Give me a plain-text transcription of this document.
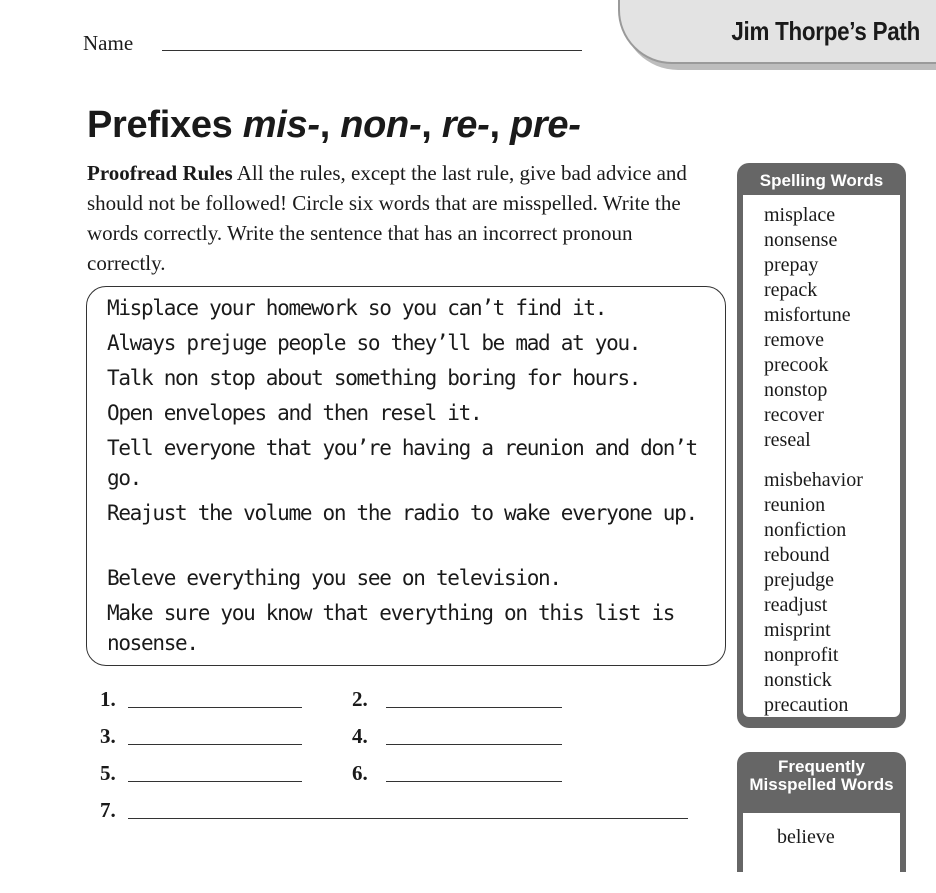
Jim Thorpe’s Path
Name
Prefixes mis-, non-, re-, pre-
Proofread Rules All the rules, except the last rule, give bad advice and should not be followed! Circle six words that are misspelled. Write the words correctly. Write the sentence that has an incorrect pronoun correctly.
Misplace your homework so you can’t find it.
Always prejuge people so they’ll be mad at you.
Talk non stop about something boring for hours.
Open envelopes and then resel it.
Tell everyone that you’re having a reunion and don’t go.
Reajust the volume on the radio to wake everyone up.
Beleve everything you see on television.
Make sure you know that everything on this list is nosense.
1.	2.
3.	4.
5.	6.
7.
Spelling Words
misplace
nonsense
prepay
repack
misfortune
remove
precook
nonstop
recover
reseal
misbehavior
reunion
nonfiction
rebound
prejudge
readjust
misprint
nonprofit
nonstick
precaution
Frequently Misspelled Words
believe
